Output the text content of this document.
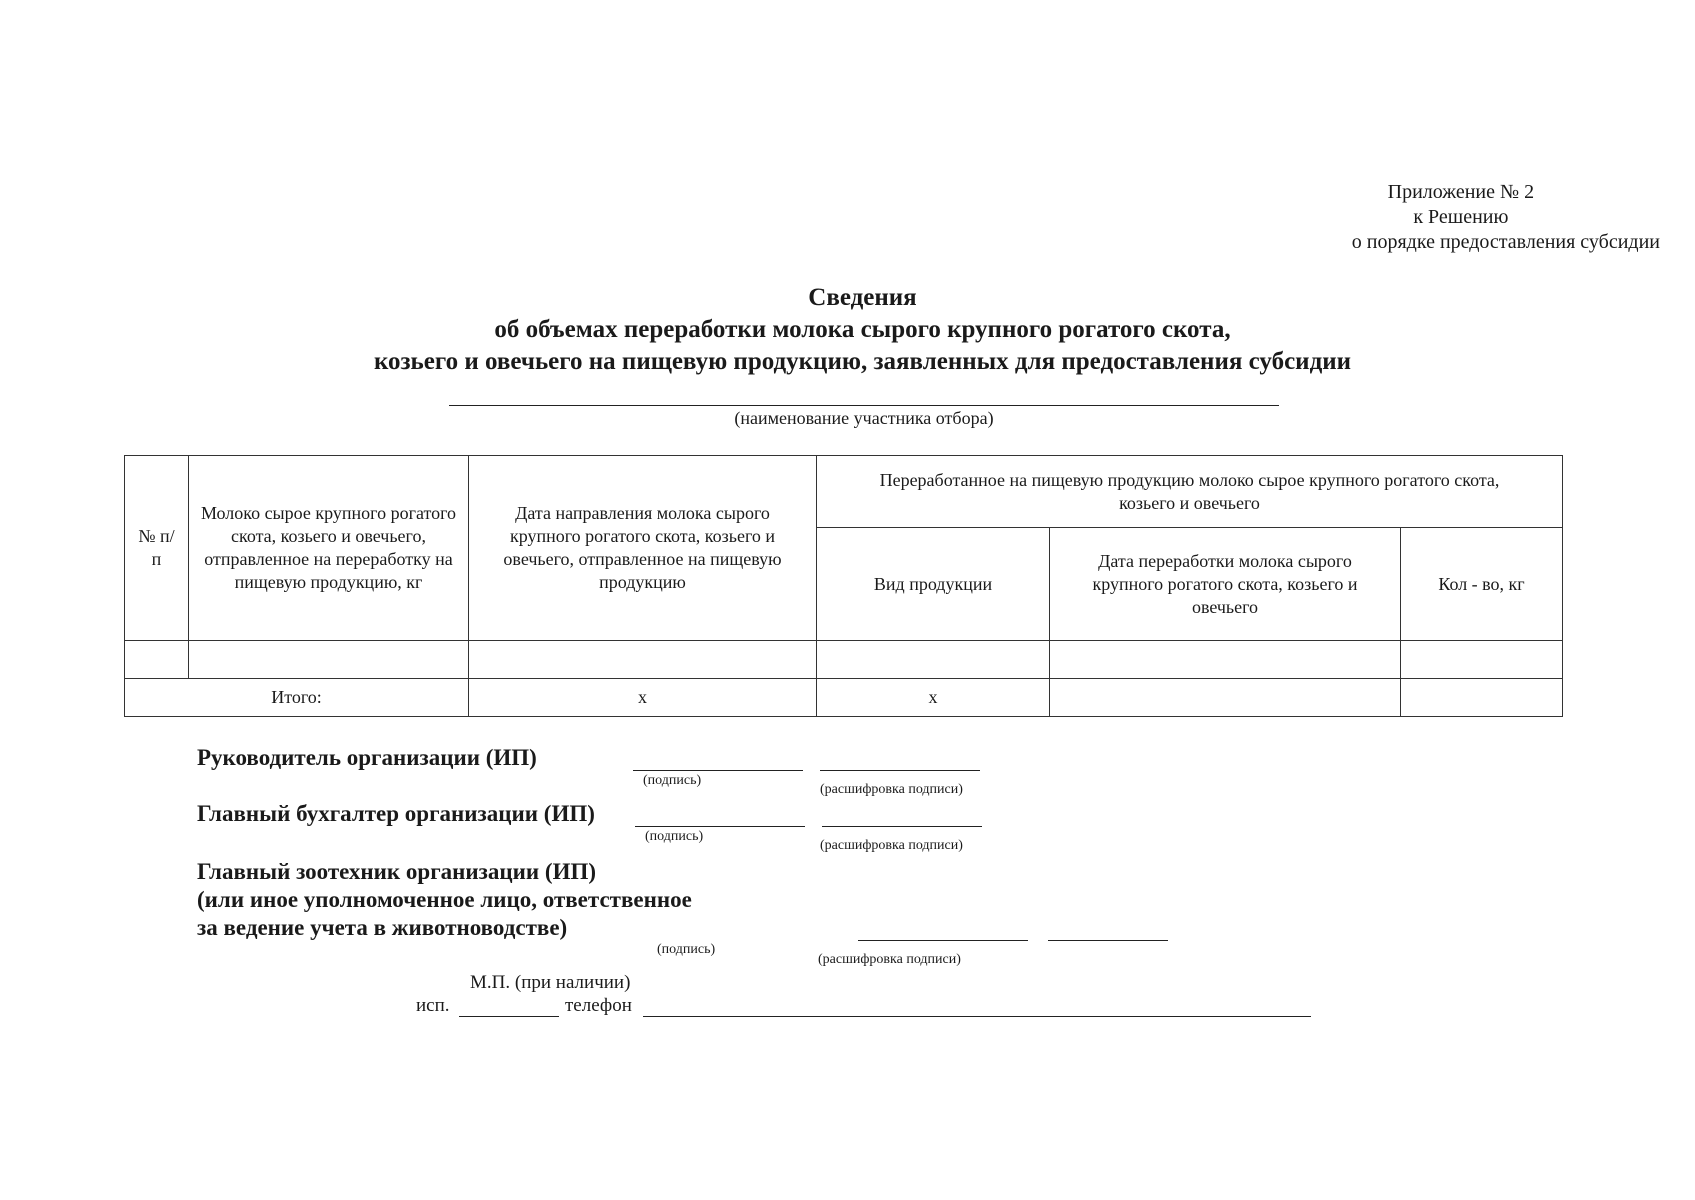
Приложение № 2
к Решению
о порядке предоставления субсидии
Сведения
об объемах переработки молока сырого крупного рогатого скота,
козьего и овечьего на пищевую продукцию, заявленных для предоставления субсидии
(наименование участника отбора)
№ п/п	Молоко сырое крупного рогатого скота, козьего и овечьего, отправленное на переработку на пищевую продукцию, кг	Дата направления молока сырого крупного рогатого скота, козьего и овечьего, отправленное на пищевую продукцию	Переработанное на пищевую продукцию молоко сырое крупного рогатого скота, козьего и овечьего		
			Вид продукции	Дата переработки молока сырого крупного рогатого скота, козьего и овечьего	Кол - во, кг

Итого:		х	х		
Руководитель организации (ИП)
(подпись)
(расшифровка подписи)
Главный бухгалтер организации (ИП)
(подпись)
(расшифровка подписи)
Главный зоотехник организации (ИП)
(или иное уполномоченное лицо, ответственное
за ведение учета в животноводстве)
(подпись)
(расшифровка подписи)
М.П. (при наличии)
исп.	телефон
